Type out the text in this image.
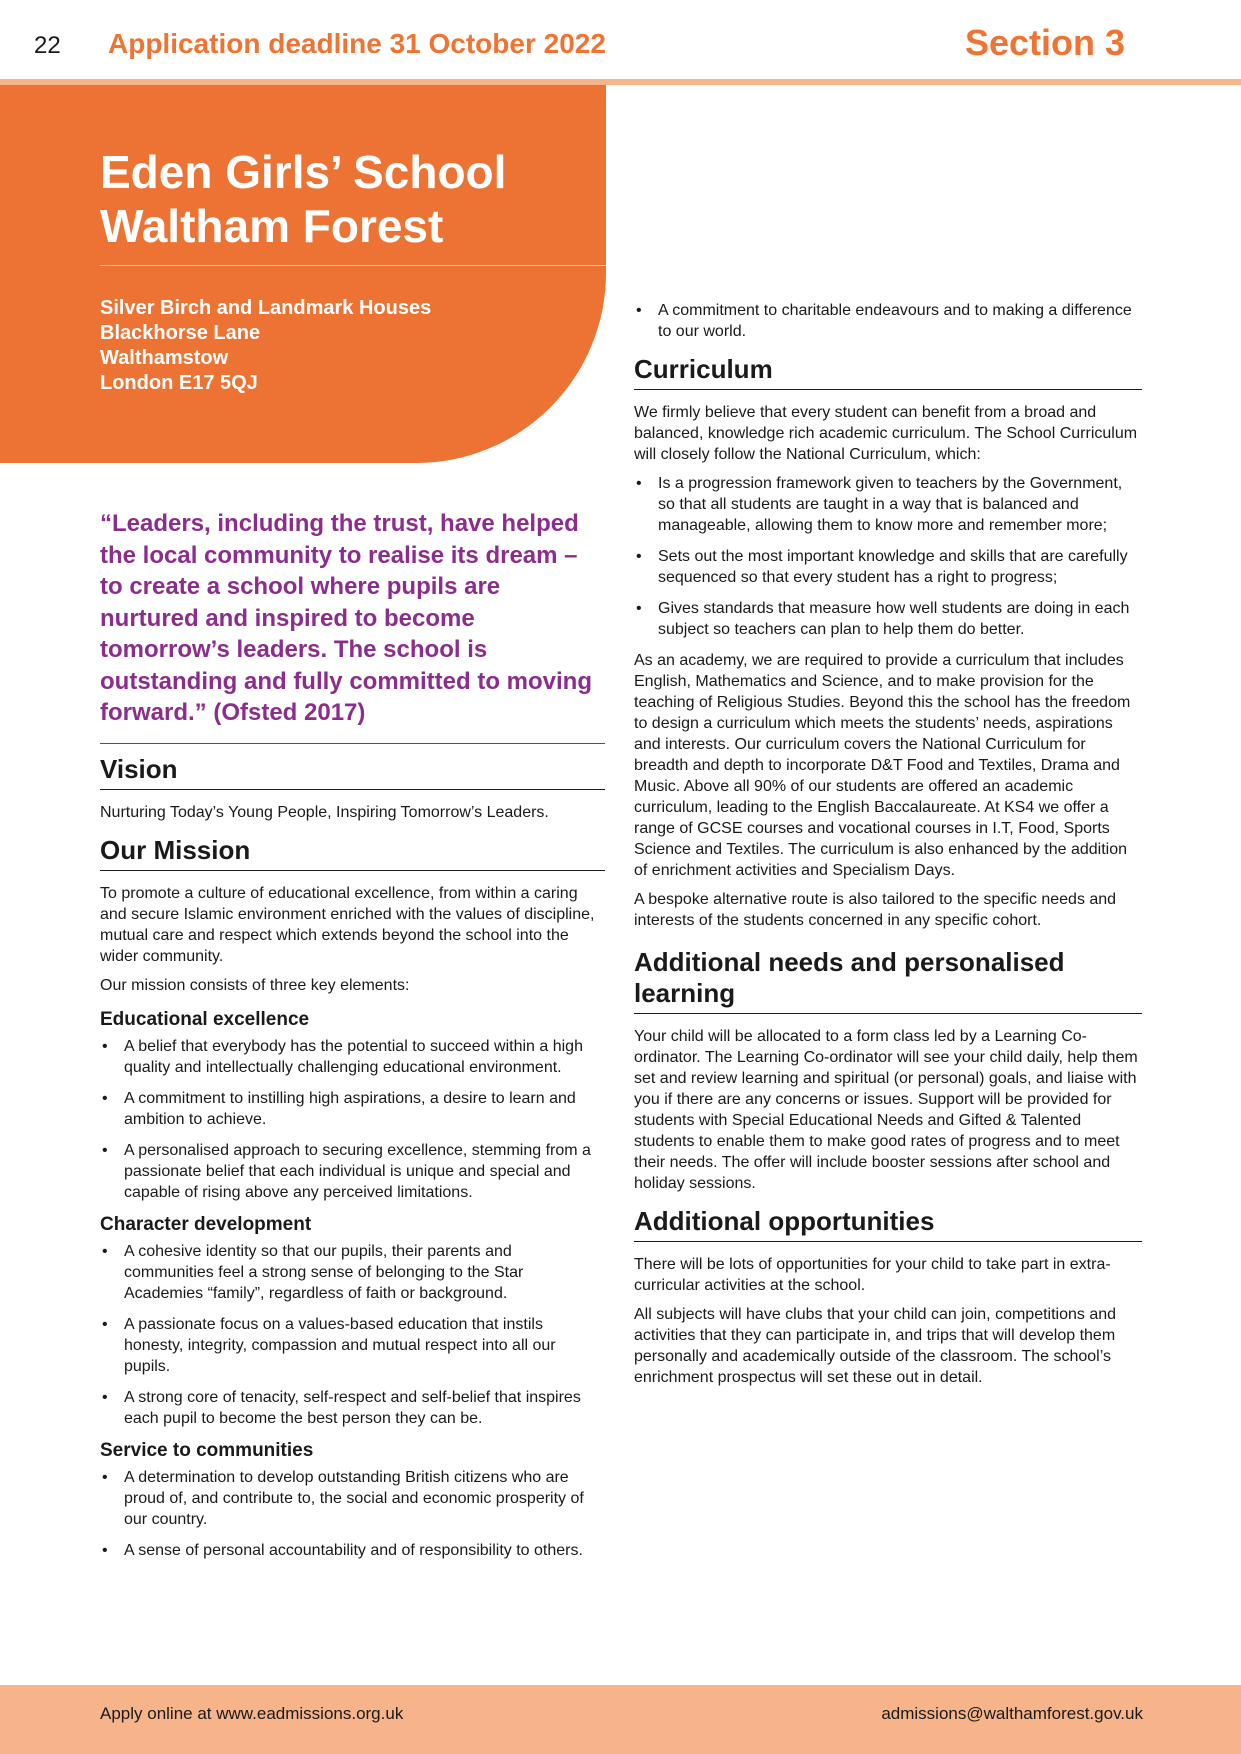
22 Application deadline 31 October 2022	Section 3
Eden Girls’ School
Waltham Forest
Silver Birch and Landmark Houses
Blackhorse Lane
Walthamstow
London E17 5QJ

“Leaders, including the trust, have helped the local community to realise its dream – to create a school where pupils are nurtured and inspired to become tomorrow’s leaders. The school is outstanding and fully committed to moving forward.” (Ofsted 2017)

Vision

Nurturing Today’s Young People, Inspiring Tomorrow’s Leaders.

Our Mission

To promote a culture of educational excellence, from within a caring and secure Islamic environment enriched with the values of discipline, mutual care and respect which extends beyond the school into the wider community.

Our mission consists of three key elements:

Educational excellence
• A belief that everybody has the potential to succeed within a high quality and intellectually challenging educational environment.
• A commitment to instilling high aspirations, a desire to learn and ambition to achieve.
• A personalised approach to securing excellence, stemming from a passionate belief that each individual is unique and special and capable of rising above any perceived limitations.
Character development
• A cohesive identity so that our pupils, their parents and communities feel a strong sense of belonging to the Star Academies “family”, regardless of faith or background.
• A passionate focus on a values-based education that instils honesty, integrity, compassion and mutual respect into all our pupils.
• A strong core of tenacity, self-respect and self-belief that inspires each pupil to become the best person they can be.
Service to communities
• A determination to develop outstanding British citizens who are proud of, and contribute to, the social and economic prosperity of our country.
• A sense of personal accountability and of responsibility to others.
• A commitment to charitable endeavours and to making a difference to our world.
Curriculum

We firmly believe that every student can benefit from a broad and balanced, knowledge rich academic curriculum. The School Curriculum will closely follow the National Curriculum, which:

• Is a progression framework given to teachers by the Government, so that all students are taught in a way that is balanced and manageable, allowing them to know more and remember more;
• Sets out the most important knowledge and skills that are carefully sequenced so that every student has a right to progress;
• Gives standards that measure how well students are doing in each subject so teachers can plan to help them do better.

As an academy, we are required to provide a curriculum that includes English, Mathematics and Science, and to make provision for the teaching of Religious Studies. Beyond this the school has the freedom to design a curriculum which meets the students’ needs, aspirations and interests. Our curriculum covers the National Curriculum for breadth and depth to incorporate D&T Food and Textiles, Drama and Music. Above all 90% of our students are offered an academic curriculum, leading to the English Baccalaureate. At KS4 we offer a range of GCSE courses and vocational courses in I.T, Food, Sports Science and Textiles. The curriculum is also enhanced by the addition of enrichment activities and Specialism Days.

A bespoke alternative route is also tailored to the specific needs and interests of the students concerned in any specific cohort.

Additional needs and personalised learning

Your child will be allocated to a form class led by a Learning Co-ordinator. The Learning Co-ordinator will see your child daily, help them set and review learning and spiritual (or personal) goals, and liaise with you if there are any concerns or issues. Support will be provided for students with Special Educational Needs and Gifted & Talented students to enable them to make good rates of progress and to meet their needs. The offer will include booster sessions after school and holiday sessions.

Additional opportunities

There will be lots of opportunities for your child to take part in extra-curricular activities at the school.

All subjects will have clubs that your child can join, competitions and activities that they can participate in, and trips that will develop them personally and academically outside of the classroom. The school’s enrichment prospectus will set these out in detail.

Apply online at www.eadmissions.org.uk	admissions@walthamforest.gov.uk
